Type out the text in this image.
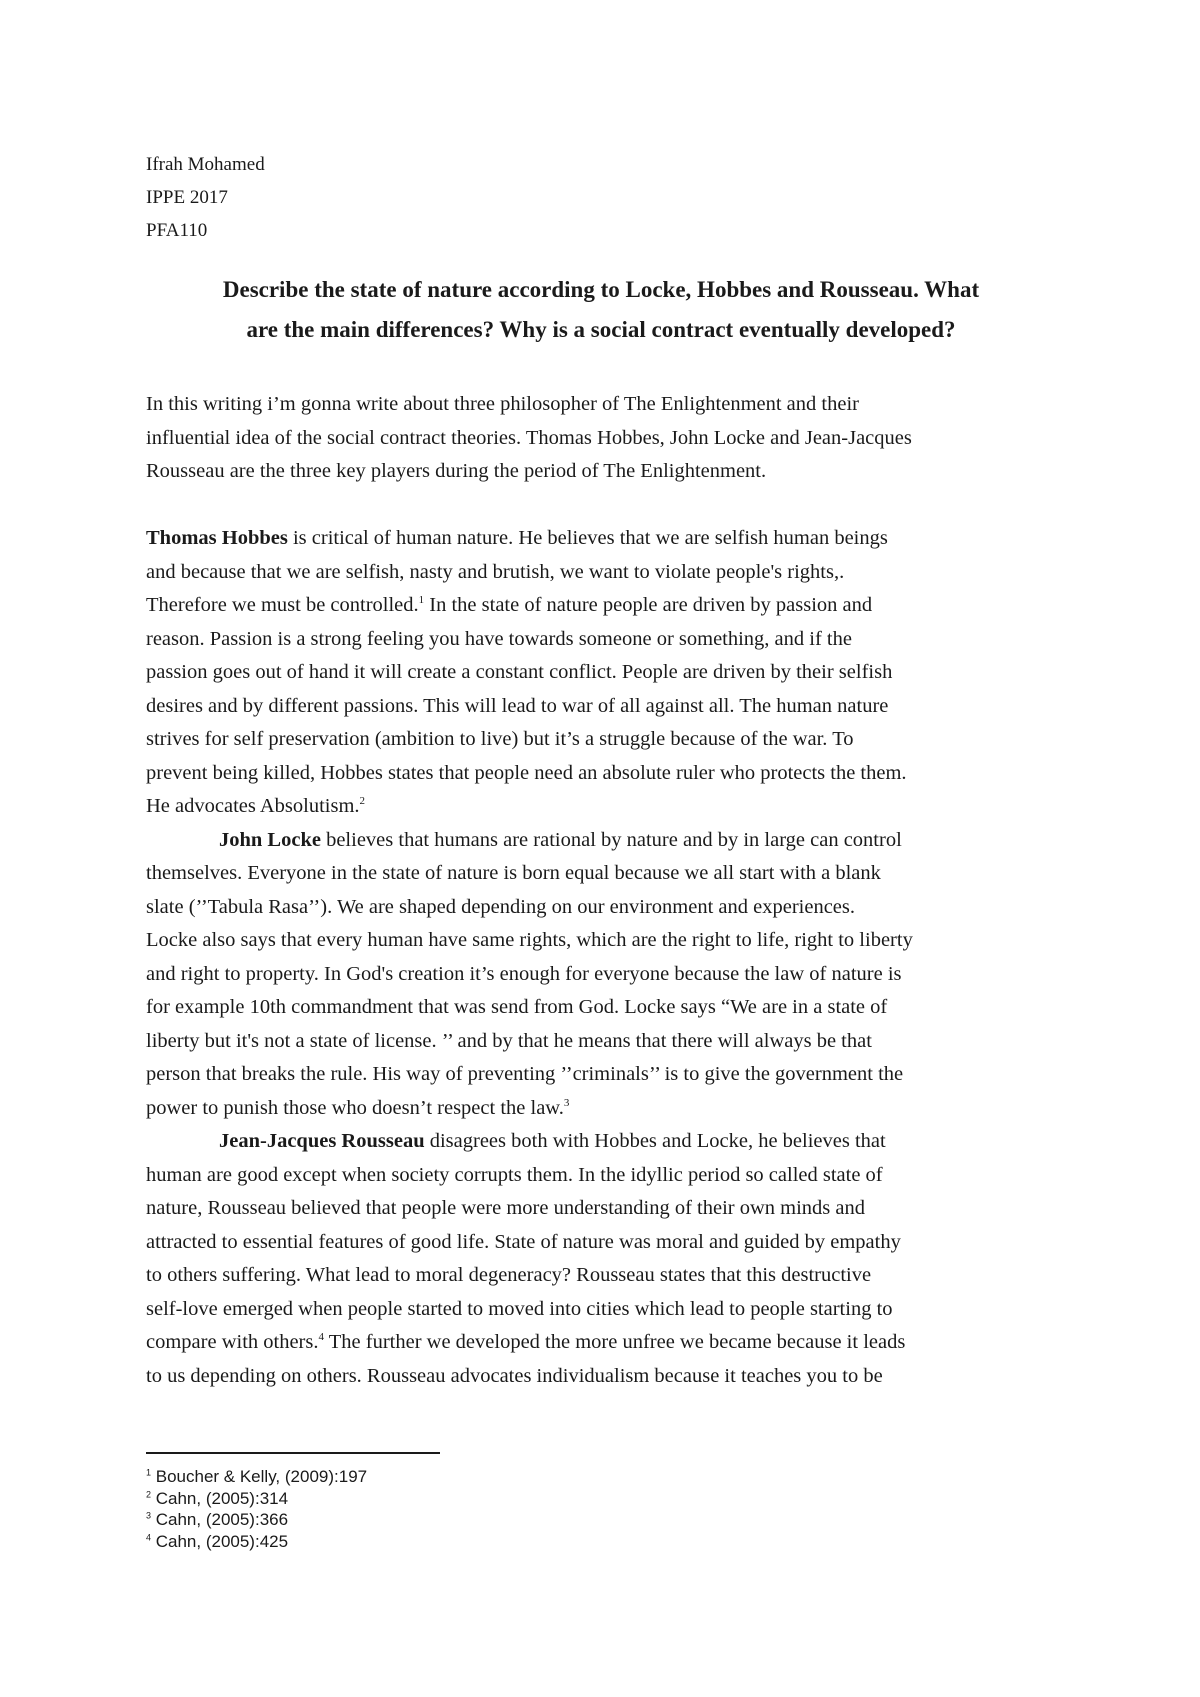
Ifrah Mohamed
IPPE 2017
PFA110
Describe the state of nature according to Locke, Hobbes and Rousseau. What
are the main differences? Why is a social contract eventually developed?
In this writing i’m gonna write about three philosopher of The Enlightenment and their
influential idea of the social contract theories. Thomas Hobbes, John Locke and Jean-Jacques
Rousseau are the three key players during the period of The Enlightenment.
Thomas Hobbes is critical of human nature. He believes that we are selfish human beings
and because that we are selfish, nasty and brutish, we want to violate people's rights,.
Therefore we must be controlled.$^1$ In the state of nature people are driven by passion and
reason. Passion is a strong feeling you have towards someone or something, and if the
passion goes out of hand it will create a constant conflict. People are driven by their selfish
desires and by different passions. This will lead to war of all against all. The human nature
strives for self preservation (ambition to live) but it’s a struggle because of the war. To
prevent being killed, Hobbes states that people need an absolute ruler who protects the them.
He advocates Absolutism.$^2$
John Locke believes that humans are rational by nature and by in large can control
themselves. Everyone in the state of nature is born equal because we all start with a blank
slate (’’Tabula Rasa’’). We are shaped depending on our environment and experiences.
Locke also says that every human have same rights, which are the right to life, right to liberty
and right to property. In God's creation it’s enough for everyone because the law of nature is
for example 10th commandment that was send from God. Locke says “We are in a state of
liberty but it's not a state of license. ’’ and by that he means that there will always be that
person that breaks the rule. His way of preventing ’’criminals’’ is to give the government the
power to punish those who doesn’t respect the law.$^3$
Jean-Jacques Rousseau disagrees both with Hobbes and Locke, he believes that
human are good except when society corrupts them. In the idyllic period so called state of
nature, Rousseau believed that people were more understanding of their own minds and
attracted to essential features of good life. State of nature was moral and guided by empathy
to others suffering. What lead to moral degeneracy? Rousseau states that this destructive
self-love emerged when people started to moved into cities which lead to people starting to
compare with others.$^4$ The further we developed the more unfree we became because it leads
to us depending on others. Rousseau advocates individualism because it teaches you to be
$^1$ Boucher & Kelly, (2009):197
$^2$ Cahn, (2005):314
$^3$ Cahn, (2005):366
$^4$ Cahn, (2005):425
